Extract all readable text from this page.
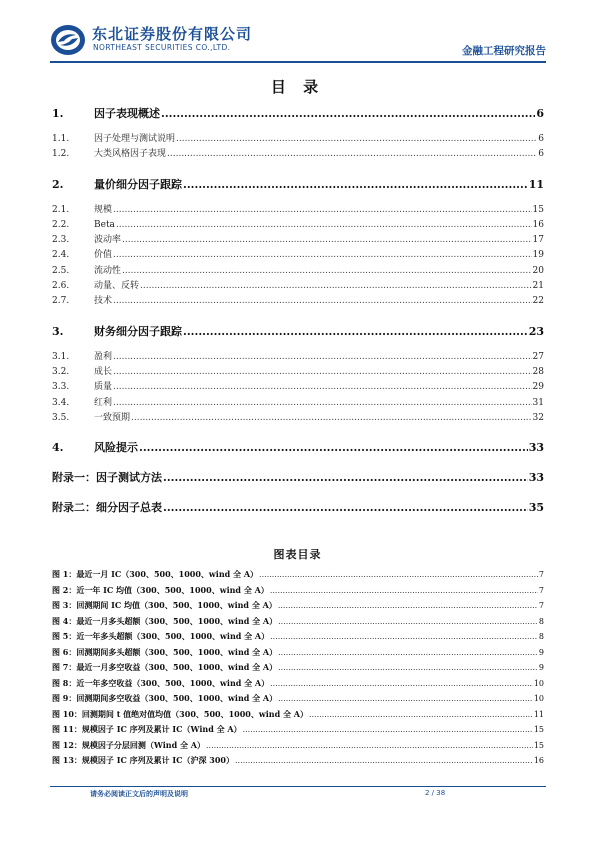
东北证券股份有限公司
NORTHEAST SECURITIES CO.,LTD.	金融工程研究报告
目 录
1.	因子表现概述 .....	6
1.1.	因子处理与测试说明 .....	6
1.2.	大类风格因子表现 .....	6
2.	量价细分因子跟踪 .....	11
2.1.	规模 .....	15
2.2.	Beta .....	16
2.3.	波动率 .....	17
2.4.	价值 .....	19
2.5.	流动性 .....	20
2.6.	动量、反转 .....	21
2.7.	技术 .....	22
3.	财务细分因子跟踪 .....	23
3.1.	盈利 .....	27
3.2.	成长 .....	28
3.3.	质量 .....	29
3.4.	红利 .....	31
3.5.	一致预期 .....	32
4.	风险提示 .....	33
附录一：因子测试方法 .....	33
附录二：细分因子总表 .....	35
图表目录
图 1：最近一月 IC（300、500、1000、wind 全 A） .....	7
图 2：近一年 IC 均值（300、500、1000、wind 全 A） .....	7
图 3：回测期间 IC 均值（300、500、1000、wind 全 A） .....	7
图 4：最近一月多头超额（300、500、1000、wind 全 A） .....	8
图 5：近一年多头超额（300、500、1000、wind 全 A） .....	8
图 6：回测期间多头超额（300、500、1000、wind 全 A） .....	9
图 7：最近一月多空收益（300、500、1000、wind 全 A） .....	9
图 8：近一年多空收益（300、500、1000、wind 全 A） .....	10
图 9：回测期间多空收益（300、500、1000、wind 全 A） .....	10
图 10：回测期间 t 值绝对值均值（300、500、1000、wind 全 A） .....	11
图 11：规模因子 IC 序列及累计 IC（Wind 全 A） .....	15
图 12：规模因子分层回测（Wind 全 A） .....	15
图 13：规模因子 IC 序列及累计 IC（沪深 300） .....	16
请务必阅读正文后的声明及说明	2 / 38
